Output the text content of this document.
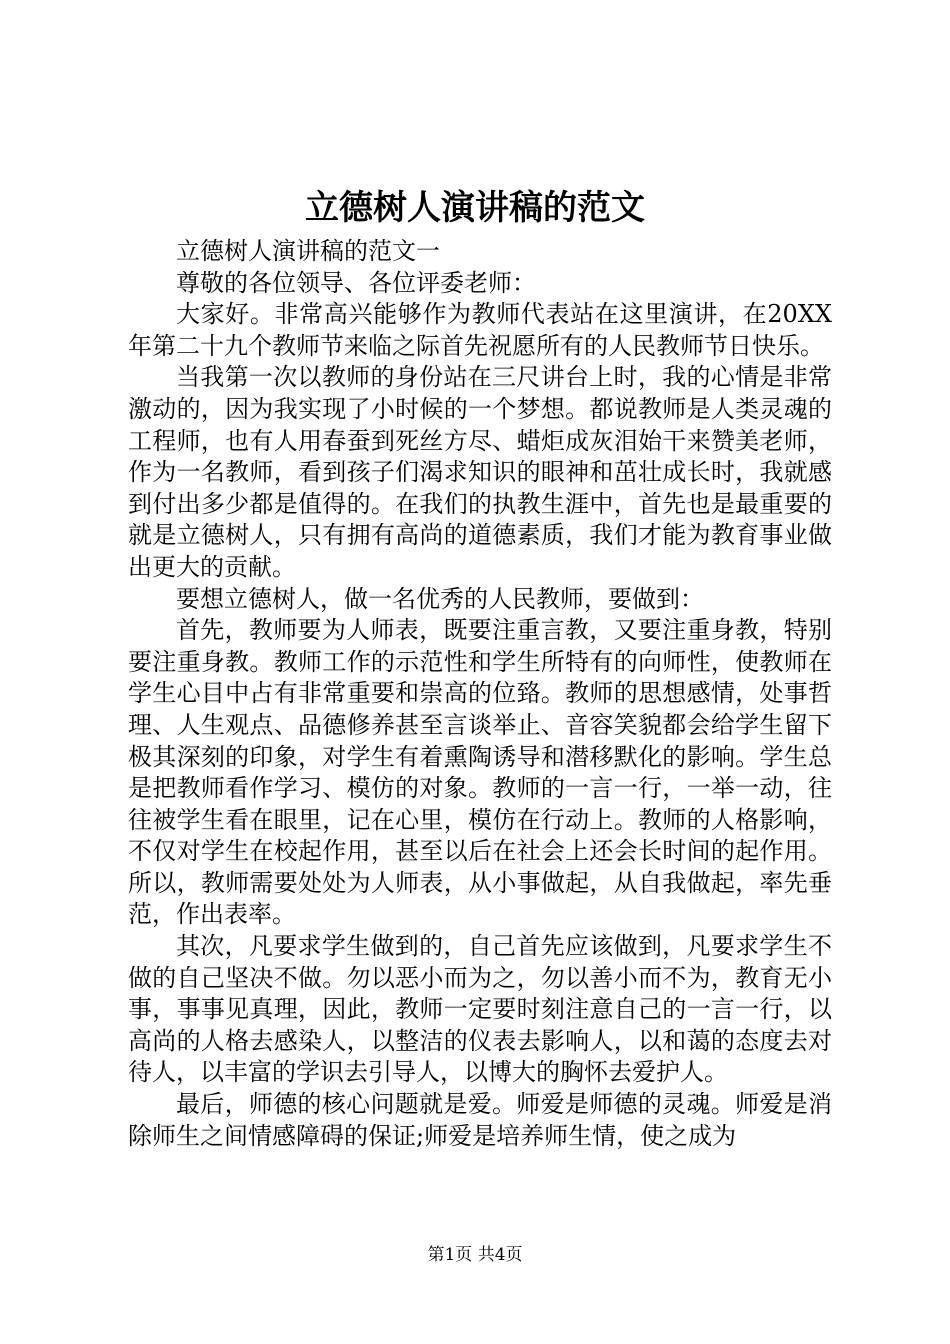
立德树人演讲稿的范文

立德树人演讲稿的范文一

尊敬的各位领导、各位评委老师：

大家好。非常高兴能够作为教师代表站在这里演讲，在20XX年第二十九个教师节来临之际首先祝愿所有的人民教师节日快乐。

当我第一次以教师的身份站在三尺讲台上时，我的心情是非常激动的，因为我实现了小时候的一个梦想。都说教师是人类灵魂的工程师，也有人用春蚕到死丝方尽、蜡炬成灰泪始干来赞美老师，作为一名教师，看到孩子们渴求知识的眼神和茁壮成长时，我就感到付出多少都是值得的。在我们的执教生涯中，首先也是最重要的就是立德树人，只有拥有高尚的道德素质，我们才能为教育事业做出更大的贡献。

要想立德树人，做一名优秀的人民教师，要做到：

首先，教师要为人师表，既要注重言教，又要注重身教，特别要注重身教。教师工作的示范性和学生所特有的向师性，使教师在学生心目中占有非常重要和崇高的位臵。教师的思想感情，处事哲理、人生观点、品德修养甚至言谈举止、音容笑貌都会给学生留下极其深刻的印象，对学生有着熏陶诱导和潜移默化的影响。学生总是把教师看作学习、模仿的对象。教师的一言一行，一举一动，往往被学生看在眼里，记在心里，模仿在行动上。教师的人格影响，不仅对学生在校起作用，甚至以后在社会上还会长时间的起作用。所以，教师需要处处为人师表，从小事做起，从自我做起，率先垂范，作出表率。

其次，凡要求学生做到的，自己首先应该做到，凡要求学生不做的自己坚决不做。勿以恶小而为之，勿以善小而不为，教育无小事，事事见真理，因此，教师一定要时刻注意自己的一言一行，以高尚的人格去感染人，以整洁的仪表去影响人，以和蔼的态度去对待人，以丰富的学识去引导人，以博大的胸怀去爱护人。

最后，师德的核心问题就是爱。师爱是师德的灵魂。师爱是消除师生之间情感障碍的保证;师爱是培养师生情，使之成为

第1页 共4页
